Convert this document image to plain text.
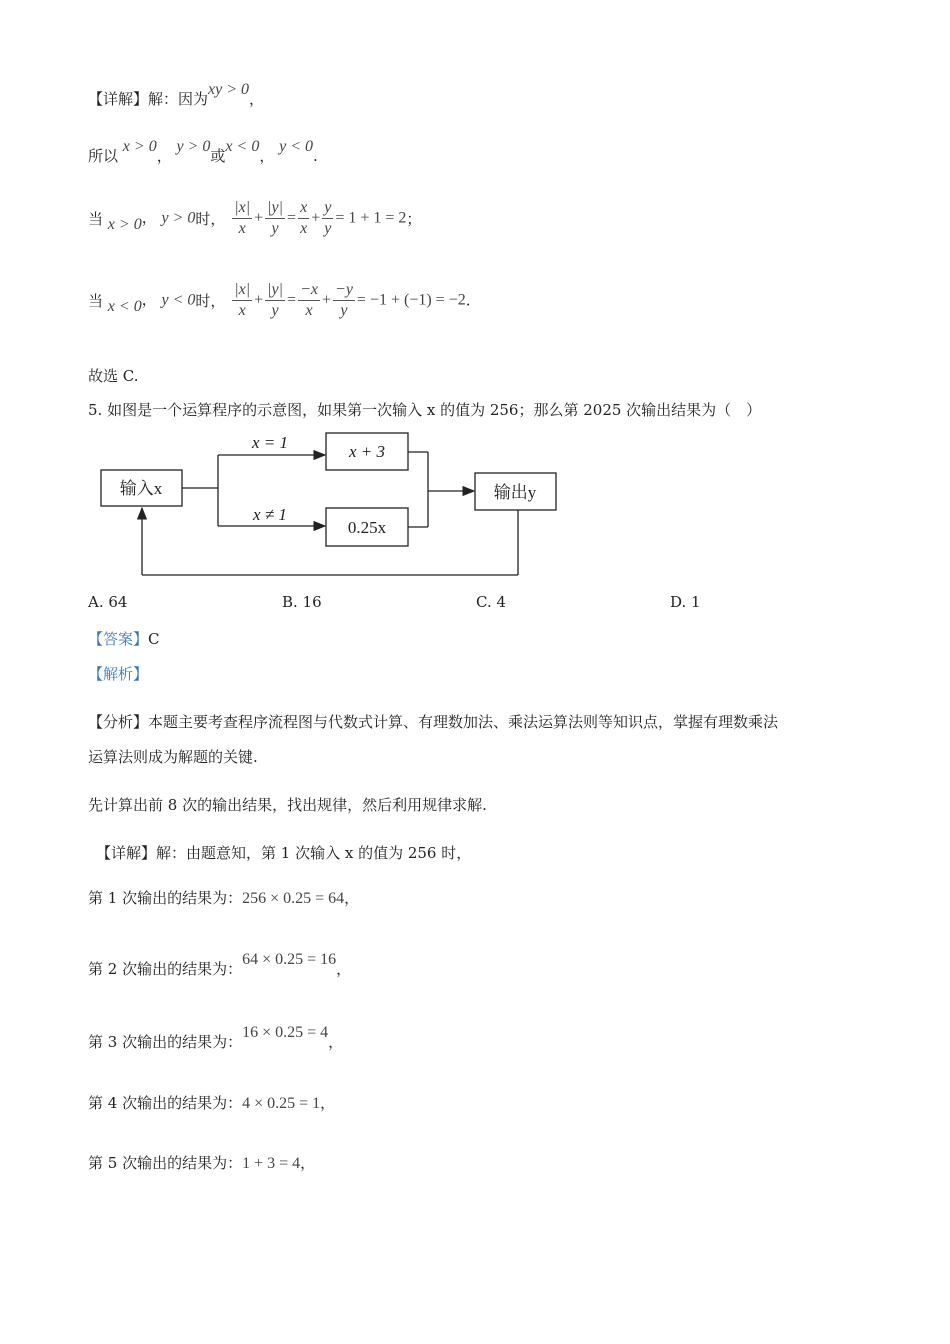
【详解】解：因为xy > 0，
所以 x > 0， y > 0或x < 0， y < 0.
当 x > 0， y > 0时， $\frac{|x|}{x} + \frac{|y|}{y} = \frac{x}{x} + \frac{y}{y} = 1 + 1 = 2$；
当 x < 0， y < 0时， $\frac{|x|}{x} + \frac{|y|}{y} = \frac{-x}{x} + \frac{-y}{y} = -1 + (-1) = -2$.
故选 C.
5. 如图是一个运算程序的示意图，如果第一次输入 x 的值为 256；那么第 2025 次输出结果为（　）
输入x
x = 1
x ≠ 1
x + 3
0.25x
输出y
A. 64	B. 16	C. 4	D. 1
【答案】C
【解析】
【分析】本题主要考查程序流程图与代数式计算、有理数加法、乘法运算法则等知识点，掌握有理数乘法
运算法则成为解题的关键.
先计算出前 8 次的输出结果，找出规律，然后利用规律求解.
【详解】解：由题意知，第 1 次输入 x 的值为 256 时，
第 1 次输出的结果为：256 × 0.25 = 64，
第 2 次输出的结果为：64 × 0.25 = 16，
第 3 次输出的结果为：16 × 0.25 = 4，
第 4 次输出的结果为：4 × 0.25 = 1，
第 5 次输出的结果为：1 + 3 = 4，
